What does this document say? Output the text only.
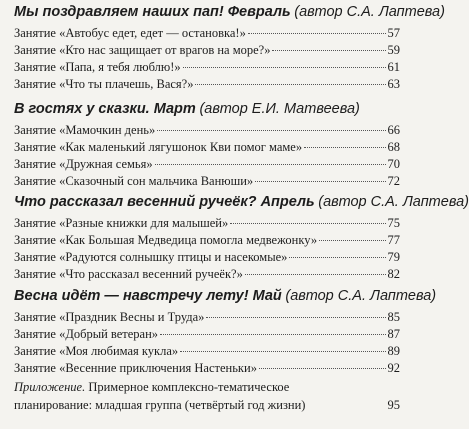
Мы поздравляем наших пап! Февраль (автор С.А. Лаптева)
Занятие «Автобус едет, едет — остановка!»	57
Занятие «Кто нас защищает от врагов на море?»	59
Занятие «Папа, я тебя люблю!»	61
Занятие «Что ты плачешь, Вася?»	63
В гостях у сказки. Март (автор Е.И. Матвеева)
Занятие «Мамочкин день»	66
Занятие «Как маленький лягушонок Кви помог маме»	68
Занятие «Дружная семья»	70
Занятие «Сказочный сон мальчика Ванюши»	72
Что рассказал весенний ручеёк? Апрель (автор С.А. Лаптева)
Занятие «Разные книжки для малышей»	75
Занятие «Как Большая Медведица помогла медвежонку»	77
Занятие «Радуются солнышку птицы и насекомые»	79
Занятие «Что рассказал весенний ручеёк?»	82
Весна идёт — навстречу лету! Май (автор С.А. Лаптева)
Занятие «Праздник Весны и Труда»	85
Занятие «Добрый ветеран»	87
Занятие «Моя любимая кукла»	89
Занятие «Весенние приключения Настеньки»	92
Приложение. Примерное комплексно-тематическое
планирование: младшая группа (четвёртый год жизни)	95
